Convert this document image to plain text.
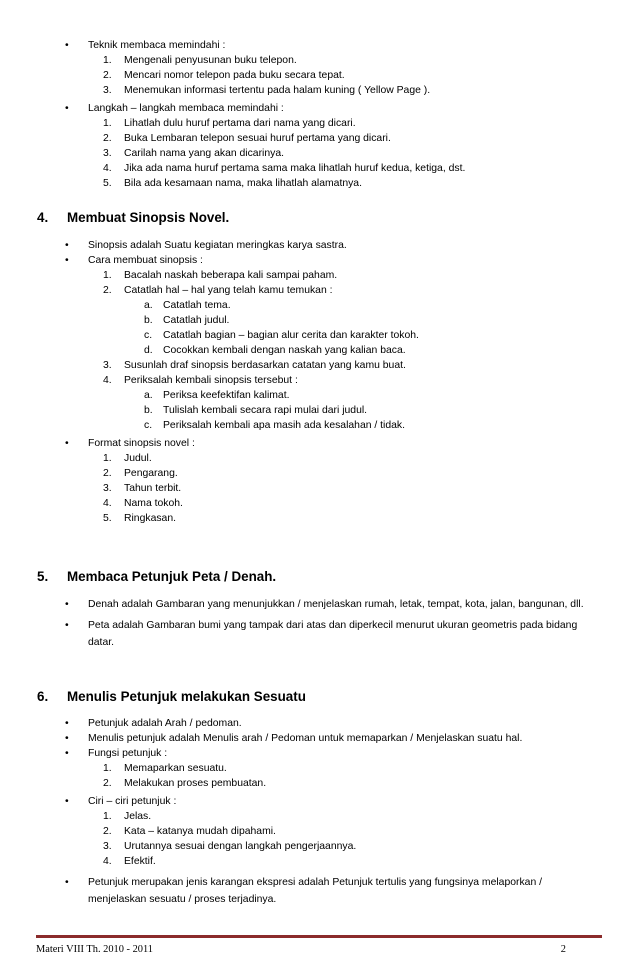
• Teknik membaca memindahi :
1. Mengenali penyusunan buku telepon.
2. Mencari nomor telepon pada buku secara tepat.
3. Menemukan informasi tertentu pada halam kuning ( Yellow Page ).
• Langkah – langkah membaca memindahi :
1. Lihatlah dulu huruf pertama dari nama yang dicari.
2. Buka Lembaran telepon sesuai huruf pertama yang dicari.
3. Carilah nama yang akan dicarinya.
4. Jika ada nama huruf pertama sama maka lihatlah huruf kedua, ketiga, dst.
5. Bila ada kesamaan nama, maka lihatlah alamatnya.
4. Membuat Sinopsis Novel.
• Sinopsis adalah Suatu kegiatan meringkas karya sastra.
• Cara membuat sinopsis :
1. Bacalah naskah beberapa kali sampai paham.
2. Catatlah hal – hal yang telah kamu temukan :
a. Catatlah tema.
b. Catatlah judul.
c. Catatlah bagian – bagian alur cerita dan karakter tokoh.
d. Cocokkan kembali dengan naskah yang kalian baca.
3. Susunlah draf sinopsis berdasarkan catatan yang kamu buat.
4. Periksalah kembali sinopsis tersebut :
a. Periksa keefektifan kalimat.
b. Tulislah kembali secara rapi mulai dari judul.
c. Periksalah kembali apa masih ada kesalahan / tidak.
• Format sinopsis novel :
1. Judul.
2. Pengarang.
3. Tahun terbit.
4. Nama tokoh.
5. Ringkasan.
5. Membaca Petunjuk Peta / Denah.
• Denah adalah Gambaran yang menunjukkan / menjelaskan rumah, letak, tempat, kota, jalan, bangunan, dll.
• Peta adalah Gambaran bumi yang tampak dari atas dan diperkecil menurut ukuran geometris pada bidang datar.
6. Menulis Petunjuk melakukan Sesuatu
• Petunjuk adalah Arah / pedoman.
• Menulis petunjuk adalah Menulis arah / Pedoman untuk memaparkan / Menjelaskan suatu hal.
• Fungsi petunjuk :
1. Memaparkan sesuatu.
2. Melakukan proses pembuatan.
• Ciri – ciri petunjuk :
1. Jelas.
2. Kata – katanya mudah dipahami.
3. Urutannya sesuai dengan langkah pengerjaannya.
4. Efektif.
• Petunjuk merupakan jenis karangan ekspresi adalah Petunjuk tertulis yang fungsinya melaporkan / menjelaskan sesuatu / proses terjadinya.
Materi VIII Th. 2010 - 2011	2
